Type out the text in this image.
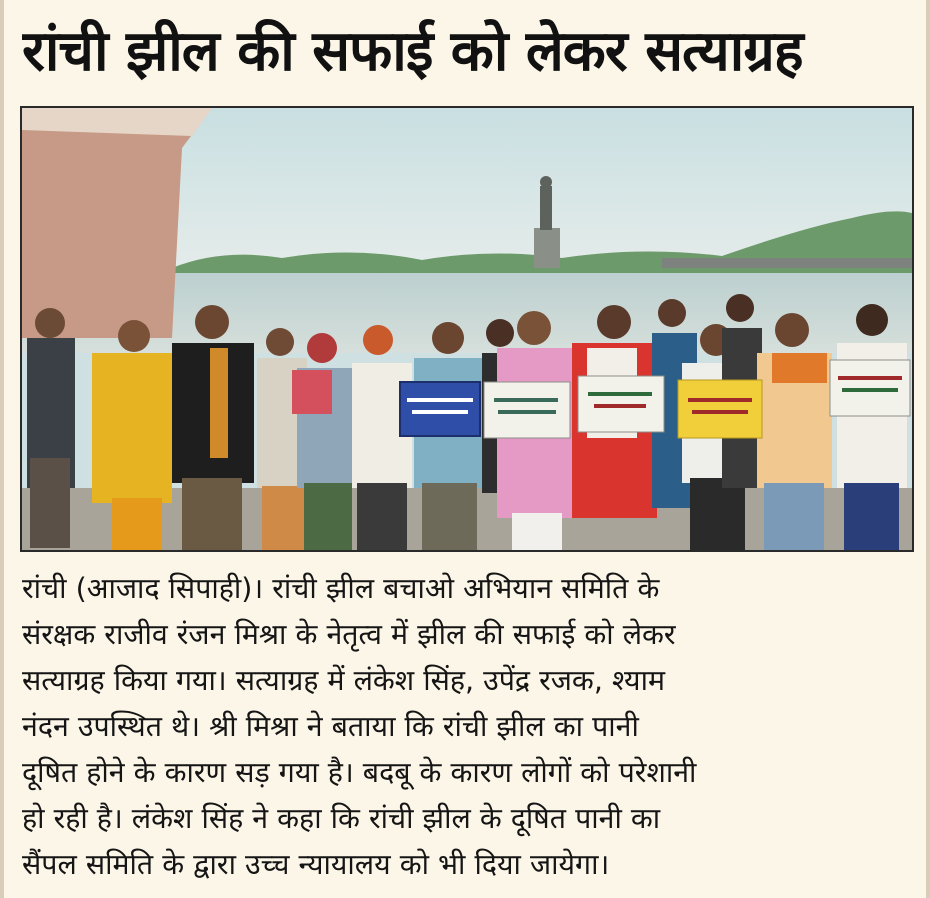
रांची झील की सफाई को लेकर सत्याग्रह

रांची (आजाद सिपाही)। रांची झील बचाओ अभियान समिति के

संरक्षक राजीव रंजन मिश्रा के नेतृत्व में झील की सफाई को लेकर

सत्याग्रह किया गया। सत्याग्रह में लंकेश सिंह, उपेंद्र रजक, श्याम

नंदन उपस्थित थे। श्री मिश्रा ने बताया कि रांची झील का पानी

दूषित होने के कारण सड़ गया है। बदबू के कारण लोगों को परेशानी

हो रही है। लंकेश सिंह ने कहा कि रांची झील के दूषित पानी का

सैंपल समिति के द्वारा उच्च न्यायालय को भी दिया जायेगा।
